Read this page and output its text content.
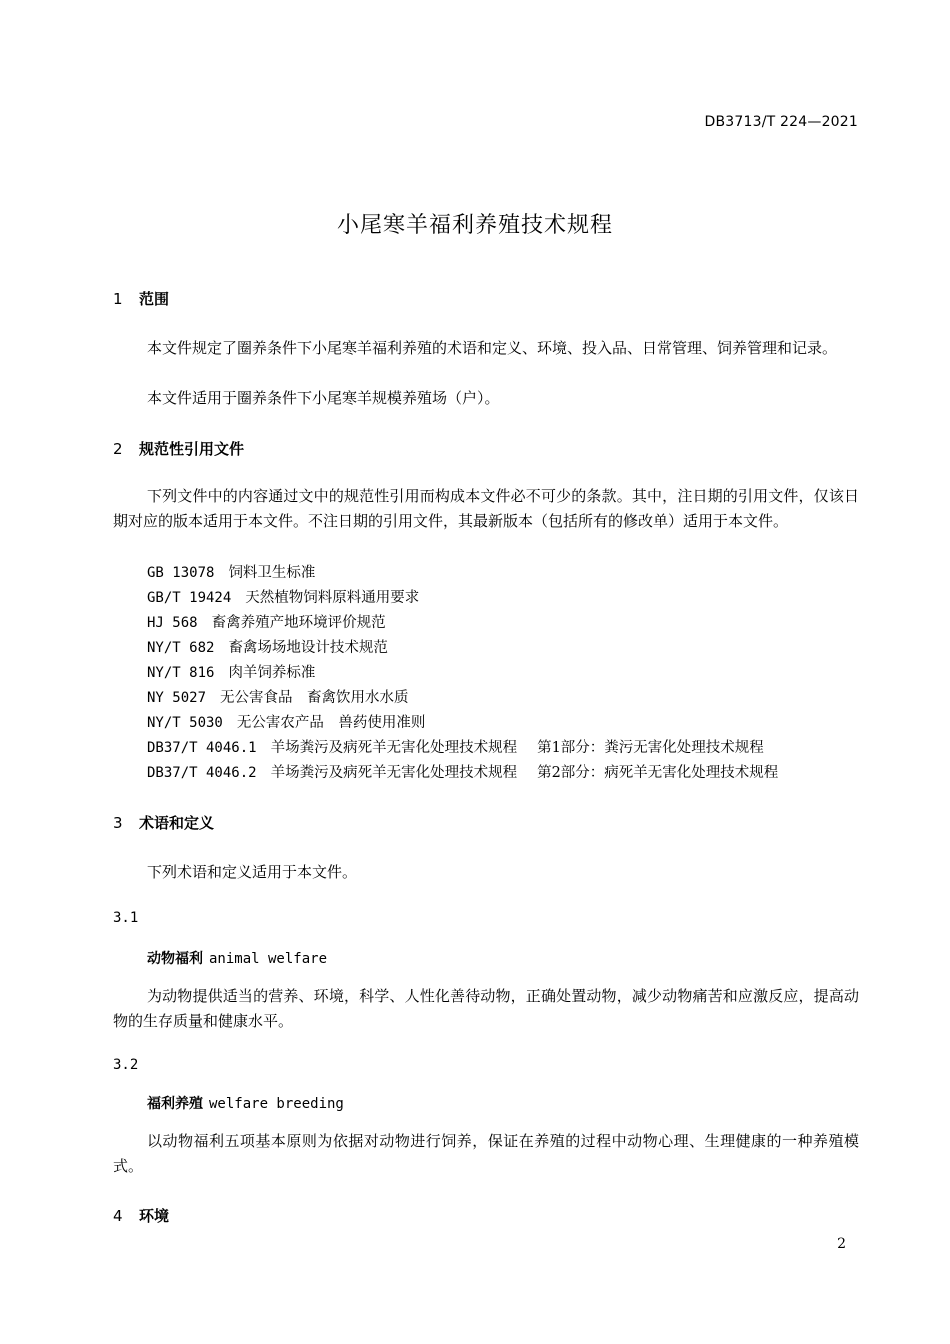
DB3713/T 224—2021
小尾寒羊福利养殖技术规程
1 范围
本文件规定了圈养条件下小尾寒羊福利养殖的术语和定义、环境、投入品、日常管理、饲养管理和记录。
本文件适用于圈养条件下小尾寒羊规模养殖场（户）。
2 规范性引用文件
下列文件中的内容通过文中的规范性引用而构成本文件必不可少的条款。其中，注日期的引用文件，仅该日期对应的版本适用于本文件。不注日期的引用文件，其最新版本（包括所有的修改单）适用于本文件。
GB 13078 饲料卫生标准
GB/T 19424 天然植物饲料原料通用要求
HJ 568 畜禽养殖产地环境评价规范
NY/T 682 畜禽场场地设计技术规范
NY/T 816 肉羊饲养标准
NY 5027 无公害食品　畜禽饮用水水质
NY/T 5030 无公害农产品　兽药使用准则
DB37/T 4046.1 羊场粪污及病死羊无害化处理技术规程 第1部分：粪污无害化处理技术规程
DB37/T 4046.2 羊场粪污及病死羊无害化处理技术规程 第2部分：病死羊无害化处理技术规程
3 术语和定义
下列术语和定义适用于本文件。
3.1
动物福利 animal welfare
为动物提供适当的营养、环境，科学、人性化善待动物，正确处置动物，减少动物痛苦和应激反应，提高动物的生存质量和健康水平。
3.2
福利养殖 welfare breeding
以动物福利五项基本原则为依据对动物进行饲养，保证在养殖的过程中动物心理、生理健康的一种养殖模式。
4 环境
2
